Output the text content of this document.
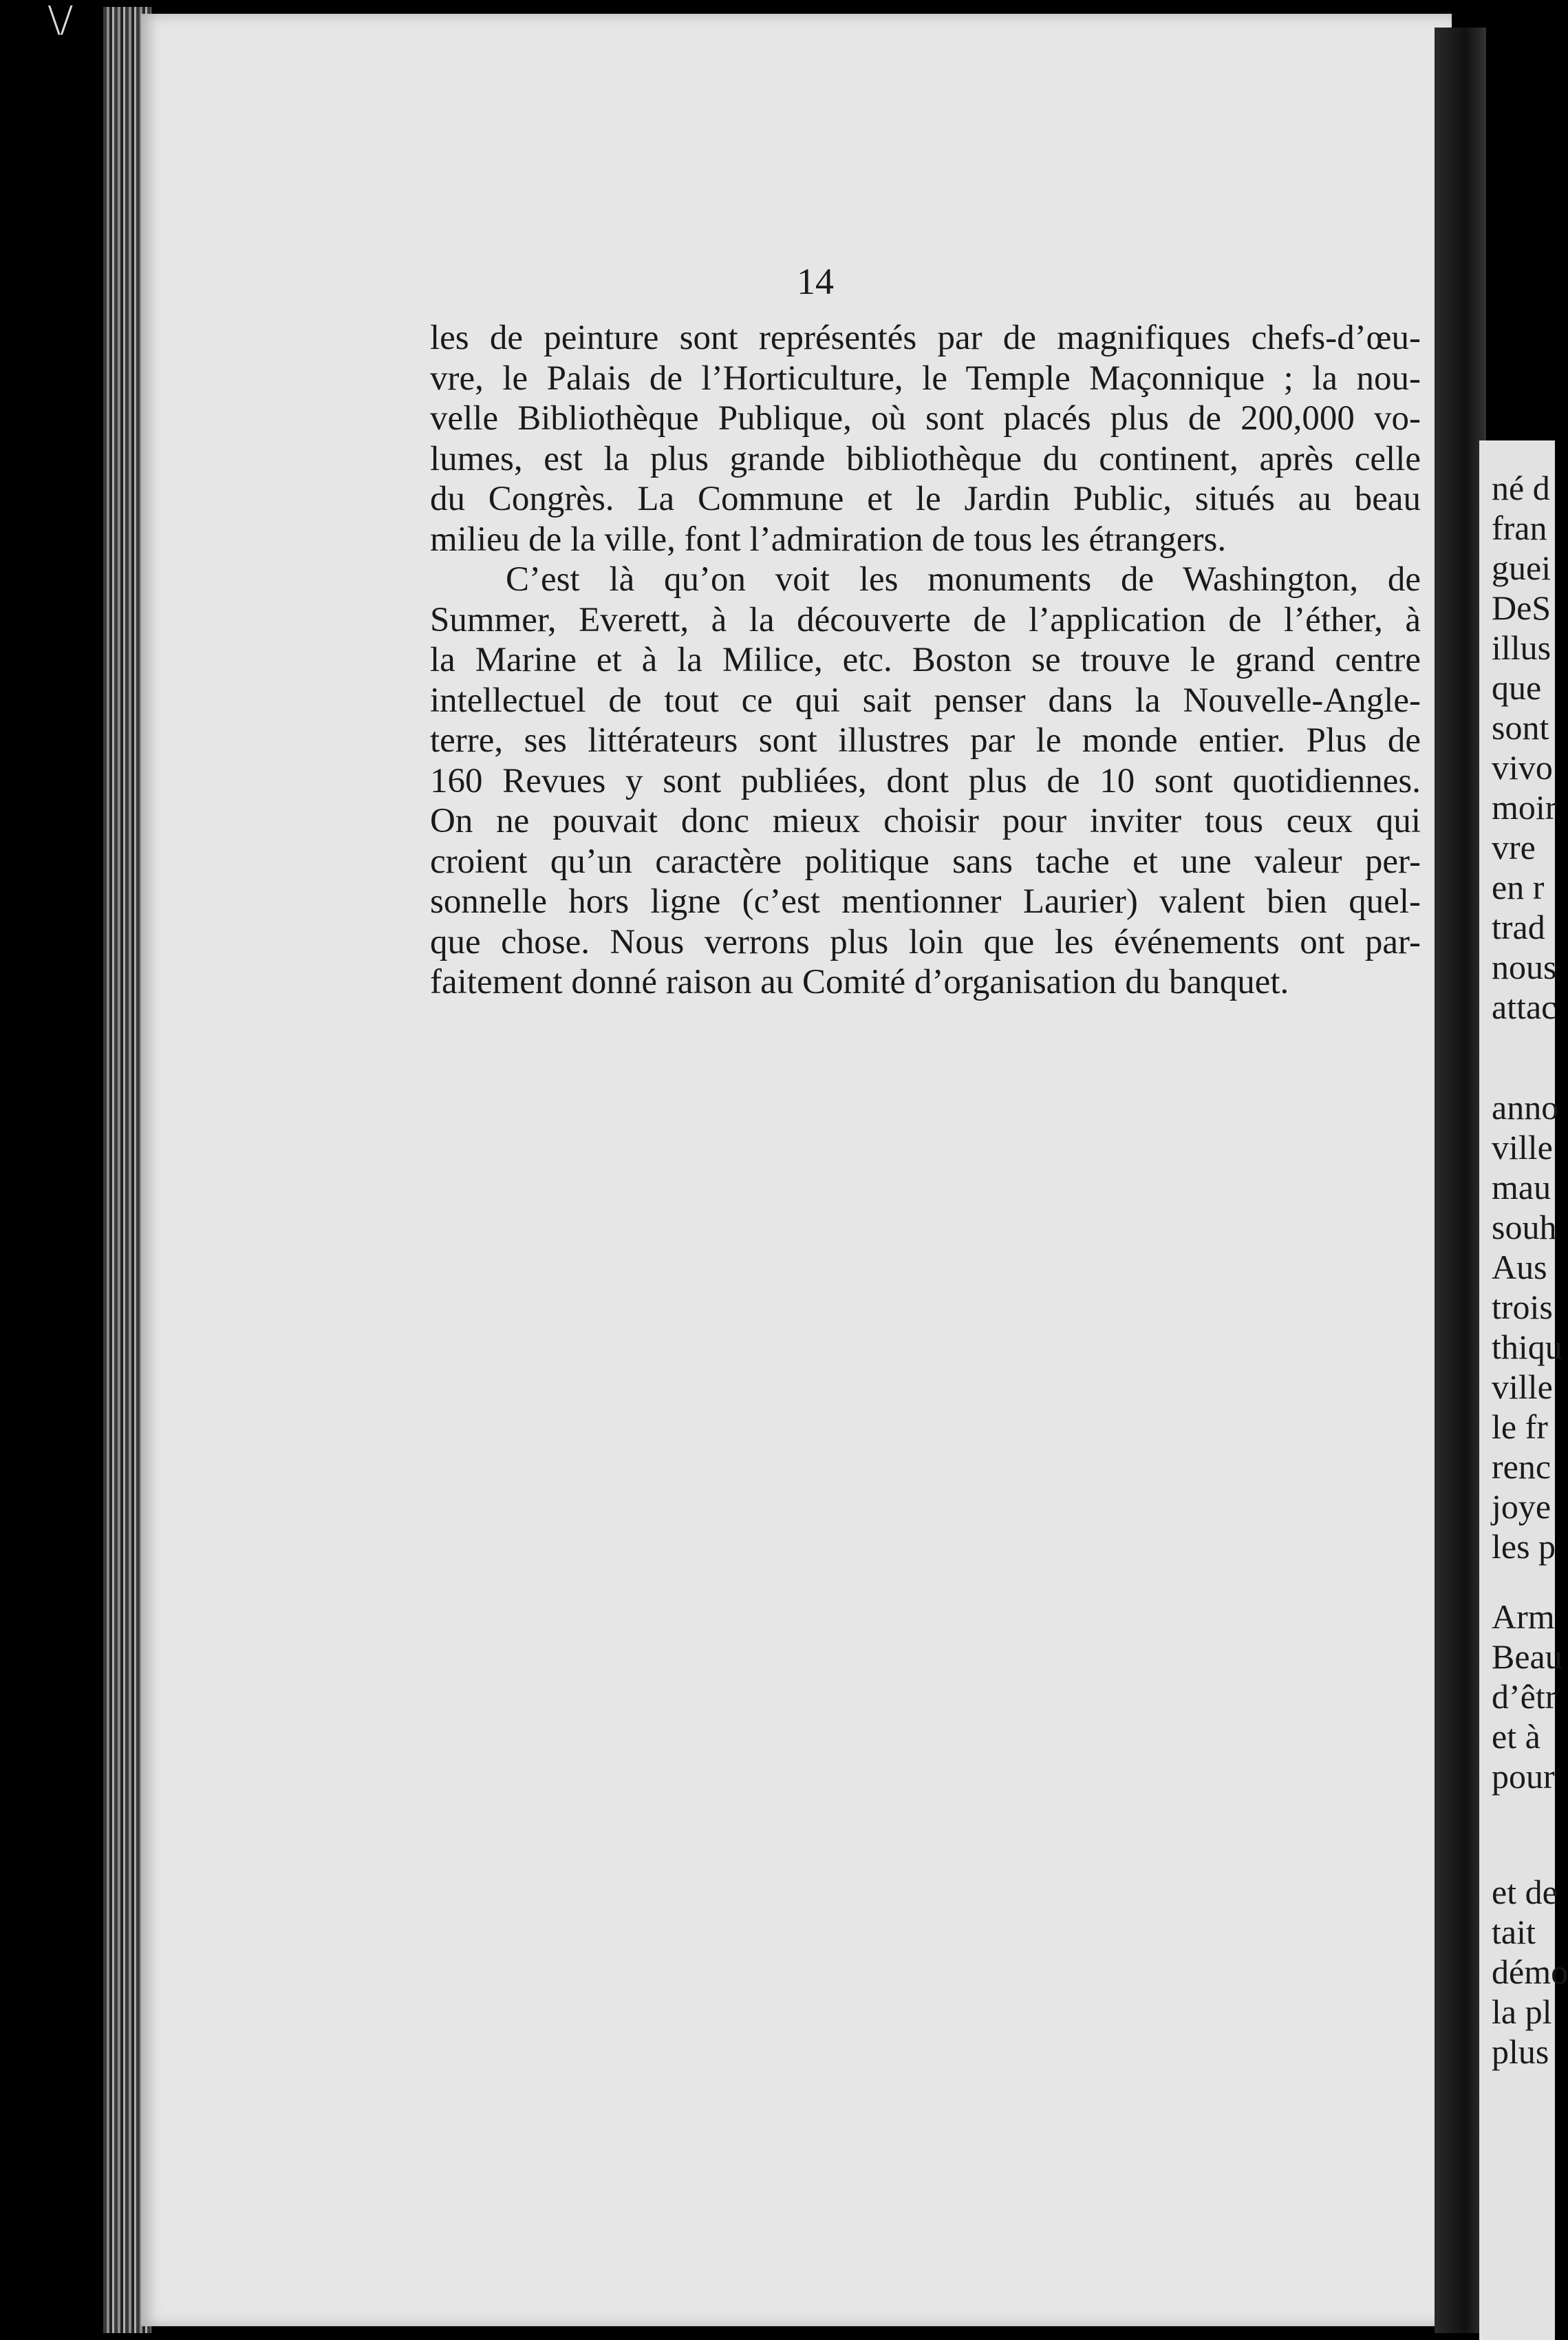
\/
14
les de peinture sont représentés par de magnifiques chefs-d’œu-
vre, le Palais de l’Horticulture, le Temple Maçonnique ; la nou-
velle Bibliothèque Publique, où sont placés plus de 200,000 vo-
lumes, est la plus grande bibliothèque du continent, après celle
du Congrès. La Commune et le Jardin Public, situés au beau
milieu de la ville, font l’admiration de tous les étrangers.
C’est là qu’on voit les monuments de Washington, de
Summer, Everett, à la découverte de l’application de l’éther, à
la Marine et à la Milice, etc. Boston se trouve le grand centre
intellectuel de tout ce qui sait penser dans la Nouvelle-Angle-
terre, ses littérateurs sont illustres par le monde entier. Plus de
160 Revues y sont publiées, dont plus de 10 sont quotidiennes.
On ne pouvait donc mieux choisir pour inviter tous ceux qui
croient qu’un caractère politique sans tache et une valeur per-
sonnelle hors ligne (c’est mentionner Laurier) valent bien quel-
que chose. Nous verrons plus loin que les événements ont par-
faitement donné raison au Comité d’organisation du banquet.
né d
fran
guei
DeS
illus
que
sont
vivo
moir
vre
en r
trad
nous
attac
anno
ville
mau
souh
Aus
trois
thiqu
ville
le fr
renc
joye
les p
Arm
Beau
d’êtr
et à
pour
et de
tait
démo
la pl
plus
